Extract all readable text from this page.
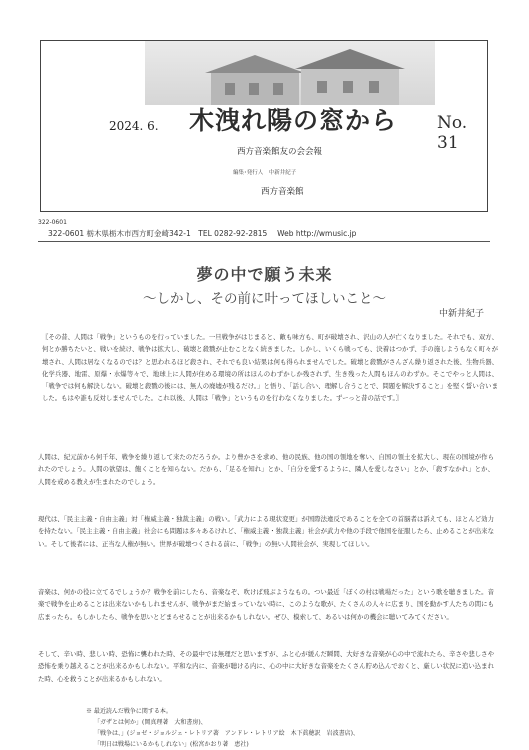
2024. 6. 木洩れ陽の窓から No. 31
西方音楽館友の会会報
編集･発行人　中新井紀子
西方音楽館
322-0601
322-0601 栃木県栃木市西方町金崎342-1　TEL 0282-92-2815　 Web http://wmusic.jp
夢の中で願う未来
〜しかし、その前に叶ってほしいこと〜
中新井紀子

〖その昔、人間は「戦争」というものを行っていました。一旦戦争がはじまると、敵も味方も、町が破壊され、沢山の人が亡くなりました。それでも、双方、何とか勝ちたいと、戦いを続け、戦争は拡大し、破壊と殺戮が止むことなく続きました。しかし、いくら戦っても、決着はつかず、手の施しようもなく町々が壊され、人間は居なくなるのでは？と思われるほど殺され、それでも良い結果は何も得られませんでした。破壊と殺戮がさんざん繰り返された後、生物兵器、化学兵器、地雷、原爆・水爆等々で、地球上に人間が住める環境の所はほんのわずかしか残されず、生き残った人間もほんのわずか。そこでやっと人間は、「戦争では何も解決しない。破壊と殺戮の後には、無人の廃墟が残るだけ。」と悟り、「話し合い、理解し合うことで、問題を解決すること」を堅く誓い合いました。もはや誰も反対しませんでした。これ以後、人間は「戦争」というものを行わなくなりました。ずーっと昔の話です。〗

人間は、紀元前から何千年、戦争を繰り返して来たのだろうか。より豊かさを求め、他の民族、他の国の領地を奪い、自国の領土を拡大し、現在の国境が作られたのでしょう。人間の欲望は、飽くことを知らない。だから、「足るを知れ」とか、「自分を愛するように、隣人を愛しなさい」とか、「殺すなかれ」とか、人間を戒める教えが生まれたのでしょう。

現代は、「民主主義・自由主義」対「権威主義・独裁主義」の戦い。「武力による現状変更」が国際法違反であることを全ての首脳者は訴えても、ほとんど効力を持たない。「民主主義・自由主義」社会にも問題は多々あるけれど、「権威主義・独裁主義」社会が武力や他の手段で他国を征服したら、止めることが出来ない。そして後者には、正当な人権が無い。世界が破壊つくされる前に、「戦争」の無い人間社会が、実現してほしい。

音楽は、何かの役に立てるでしょうか？戦争を前にしたら、音楽なぞ、吹けば飛ぶようなもの。つい最近「ぼくの村は戦場だった」という歌を聴きました。音楽で戦争を止めることは出来ないかもしれませんが、戦争がまだ始まっていない時に、このような歌が、たくさんの人々に広まり、国を動かす人たちの間にも広まったら。もしかしたら、戦争を思いとどまらせることが出来るかもしれない。ぜひ、模索して、あるいは何かの機会に聴いてみてください。

そして、辛い時、悲しい時、恐怖に襲われた時、その最中では無理だと思いますが、ふと心が緩んだ瞬間、大好きな音楽が心の中で流れたら、辛さや悲しさや恐怖を乗り越えることが出来るかもしれない。平和な内に、音楽が聴ける内に、心の中に大好きな音楽をたくさん貯め込んでおくと、厳しい状況に追い込まれた時、心を救うことが出来るかもしれない。

※ 最近読んだ戦争に関する本。
「ガザとは何か」(岡真理著　大和書房)、
「戦争は、」(ジョゼ・ジョルジェ・レトリア著　アンドレ・レトリア絵　木下眞穂訳　岩波書店)、
「明日は戦場にいるかもしれない」(松宮かおり著　恵社)
